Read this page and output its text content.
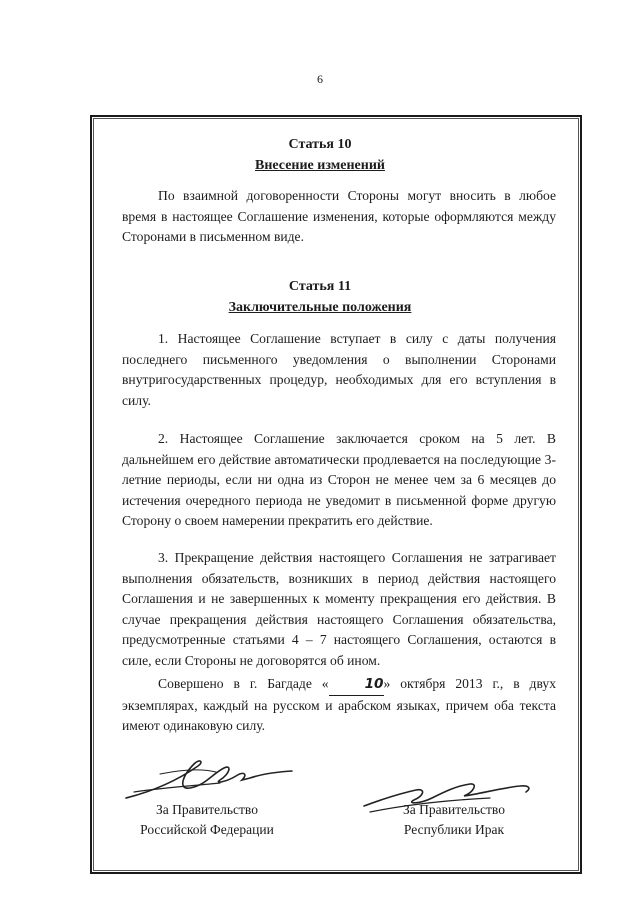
6
Статья 10
Внесение изменений

По взаимной договоренности Стороны могут вносить в любое время в настоящее Соглашение изменения, которые оформляются между Сторонами в письменном виде.

Статья 11
Заключительные положения

1. Настоящее Соглашение вступает в силу с даты получения последнего письменного уведомления о выполнении Сторонами внутригосударственных процедур, необходимых для его вступления в силу.

2. Настоящее Соглашение заключается сроком на 5 лет. В дальнейшем его действие автоматически продлевается на последующие 3-летние периоды, если ни одна из Сторон не менее чем за 6 месяцев до истечения очередного периода не уведомит в письменной форме другую Сторону о своем намерении прекратить его действие.

3. Прекращение действия настоящего Соглашения не затрагивает выполнения обязательств, возникших в период действия настоящего Соглашения и не завершенных к моменту прекращения его действия. В случае прекращения действия настоящего Соглашения обязательства, предусмотренные статьями 4 – 7 настоящего Соглашения, остаются в силе, если Стороны не договорятся об ином.

Совершено в г. Багдаде «	10» октября 2013 г., в двух экземплярах, каждый на русском и арабском языках, причем оба текста имеют одинаковую силу.

За Правительство
Российской Федерации
За Правительство
Республики Ирак
